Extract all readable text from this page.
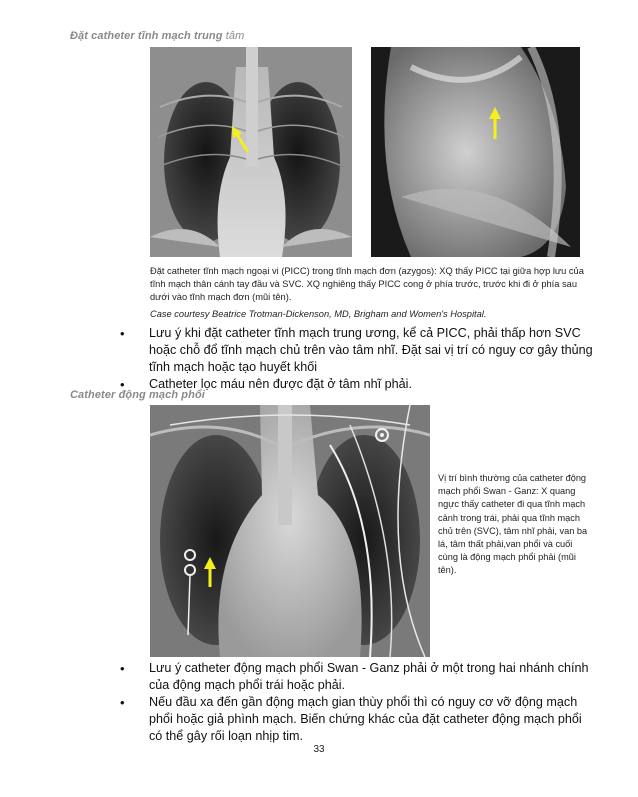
Đặt catheter tĩnh mạch trung tâm

Đặt catheter tĩnh mạch ngoại vi (PICC) trong tĩnh mạch đơn (azygos): XQ thấy PICC tại giữa hợp lưu của tĩnh mạch thân cánh tay đầu và SVC. XQ nghiêng thấy PICC cong ở phía trước, trước khi đi ở phía sau dưới vào tĩnh mạch đơn (mũi tên).

Case courtesy Beatrice Trotman-Dickenson, MD, Brigham and Women's Hospital.

• Lưu ý khi đặt catheter tĩnh mạch trung ương, kể cả PICC, phải thấp hơn SVC hoặc chỗ đổ tĩnh mạch chủ trên vào tâm nhĩ. Đặt sai vị trí có nguy cơ gây thủng tĩnh mạch hoặc tạo huyết khối
• Catheter lọc máu nên được đặt ở tâm nhĩ phải.
Catheter động mạch phổi
Vị trí bình thường của catheter động mạch phổi Swan - Ganz: X quang ngực thấy catheter đi qua tĩnh mạch cảnh trong trái, phải qua tĩnh mạch chủ trên (SVC), tâm nhĩ phải, van ba lá, tâm thất phải,van phổi và cuối cùng là động mạch phổi phải (mũi tên).
• Lưu ý catheter động mạch phổi Swan - Ganz phải ở một trong hai nhánh chính của động mạch phổi trái hoặc phải.
• Nếu đầu xa đến gần động mạch gian thùy phổi thì có nguy cơ vỡ động mạch phổi hoặc giả phình mạch. Biến chứng khác của đặt catheter động mạch phổi có thể gây rối loạn nhịp tim.
33
